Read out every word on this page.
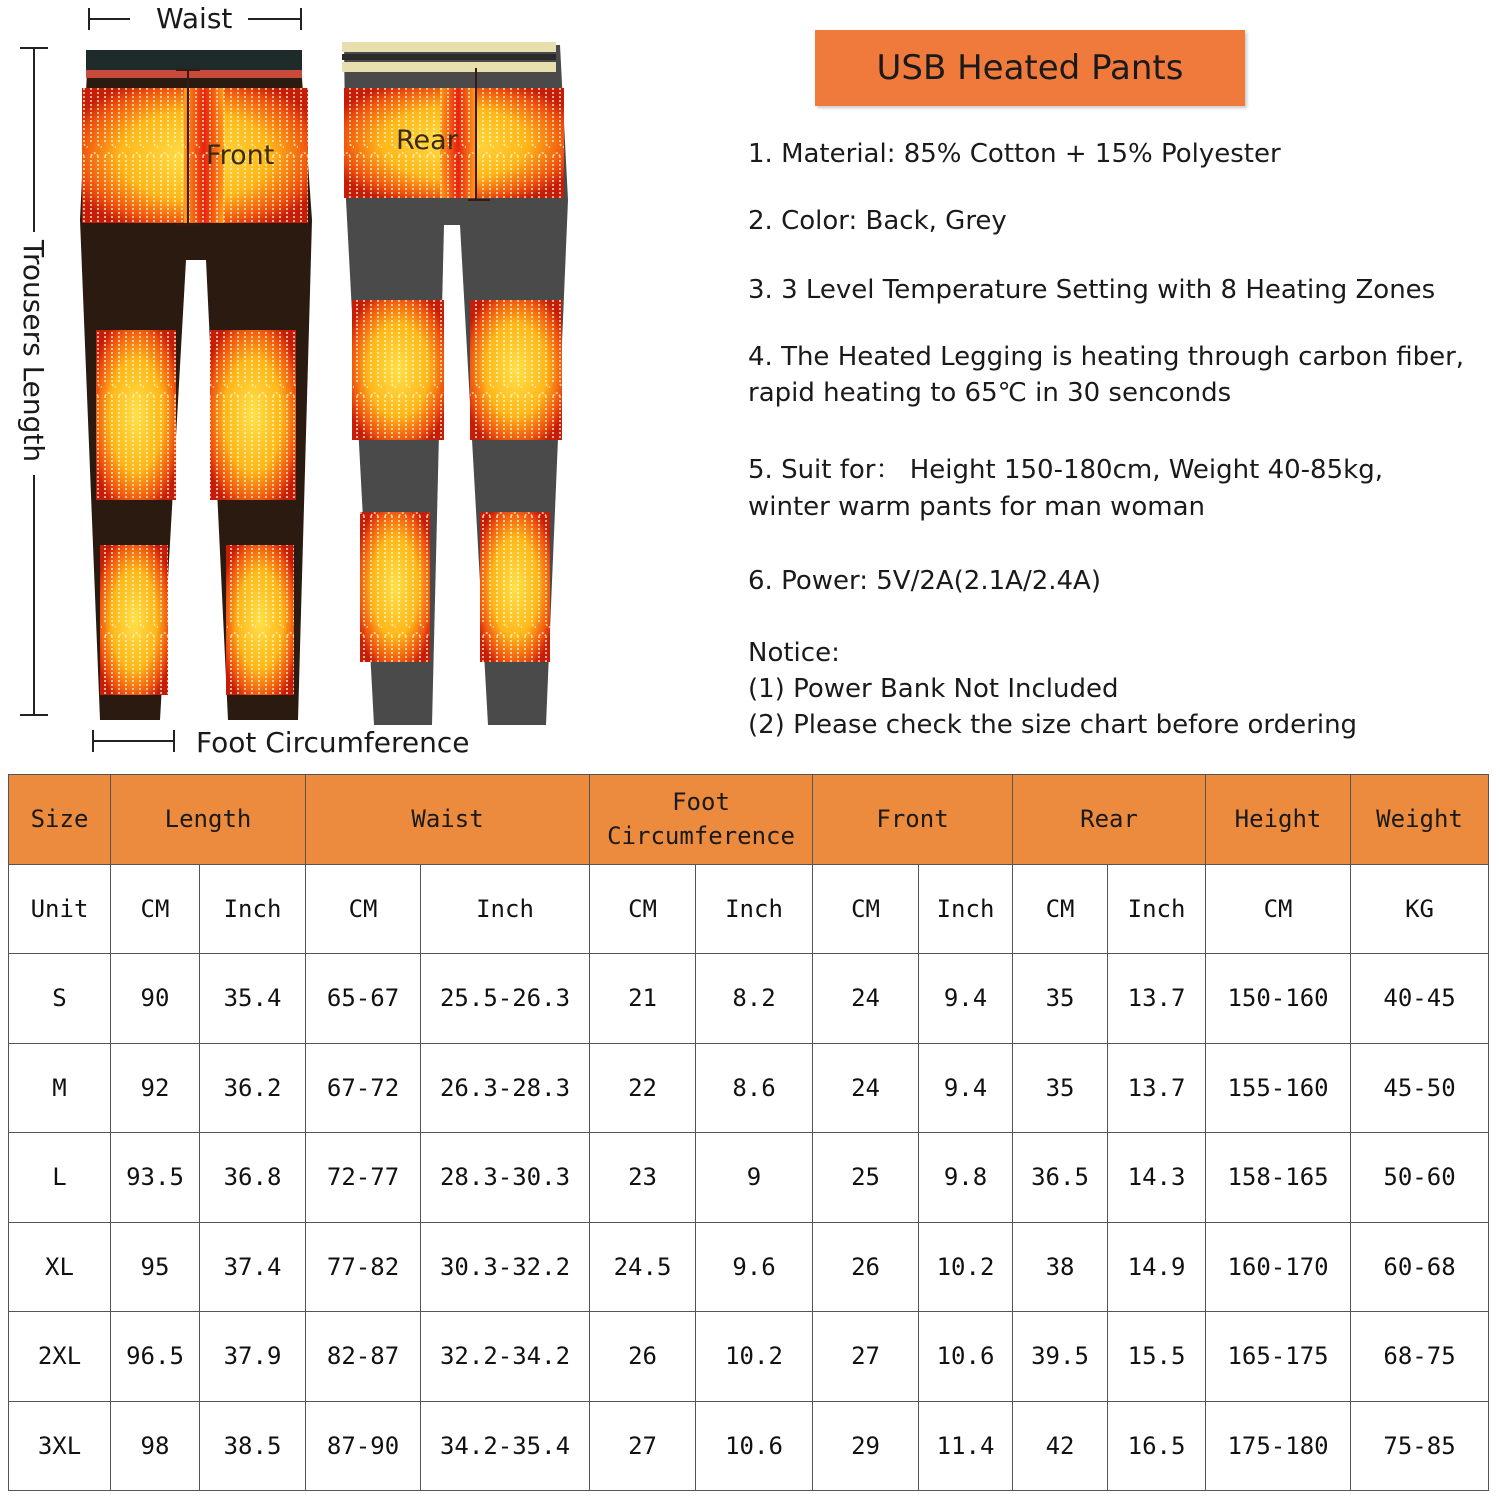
Waist
Trousers Length
Foot Circumference
Front	Rear
USB Heated Pants
1. Material: 85% Cotton + 15% Polyester
2. Color: Back, Grey
3. 3 Level Temperature Setting with 8 Heating Zones
4. The Heated Legging is heating through carbon fiber,
rapid heating to 65℃ in 30 senconds
5. Suit for： Height 150-180cm, Weight 40-85kg,
winter warm pants for man woman
6. Power: 5V/2A(2.1A/2.4A)
Notice:
(1) Power Bank Not Included
(2) Please check the size chart before ordering
Size	Length		Waist		Foot
Circumference		Front		Rear		Height	Weight
Unit	CM	Inch	CM	Inch	CM	Inch	CM	Inch	CM	Inch	CM	KG
S	90	35.4	65-67	25.5-26.3	21	8.2	24	9.4	35	13.7	150-160	40-45
M	92	36.2	67-72	26.3-28.3	22	8.6	24	9.4	35	13.7	155-160	45-50
L	93.5	36.8	72-77	28.3-30.3	23	9	25	9.8	36.5	14.3	158-165	50-60
XL	95	37.4	77-82	30.3-32.2	24.5	9.6	26	10.2	38	14.9	160-170	60-68
2XL	96.5	37.9	82-87	32.2-34.2	26	10.2	27	10.6	39.5	15.5	165-175	68-75
3XL	98	38.5	87-90	34.2-35.4	27	10.6	29	11.4	42	16.5	175-180	75-85
